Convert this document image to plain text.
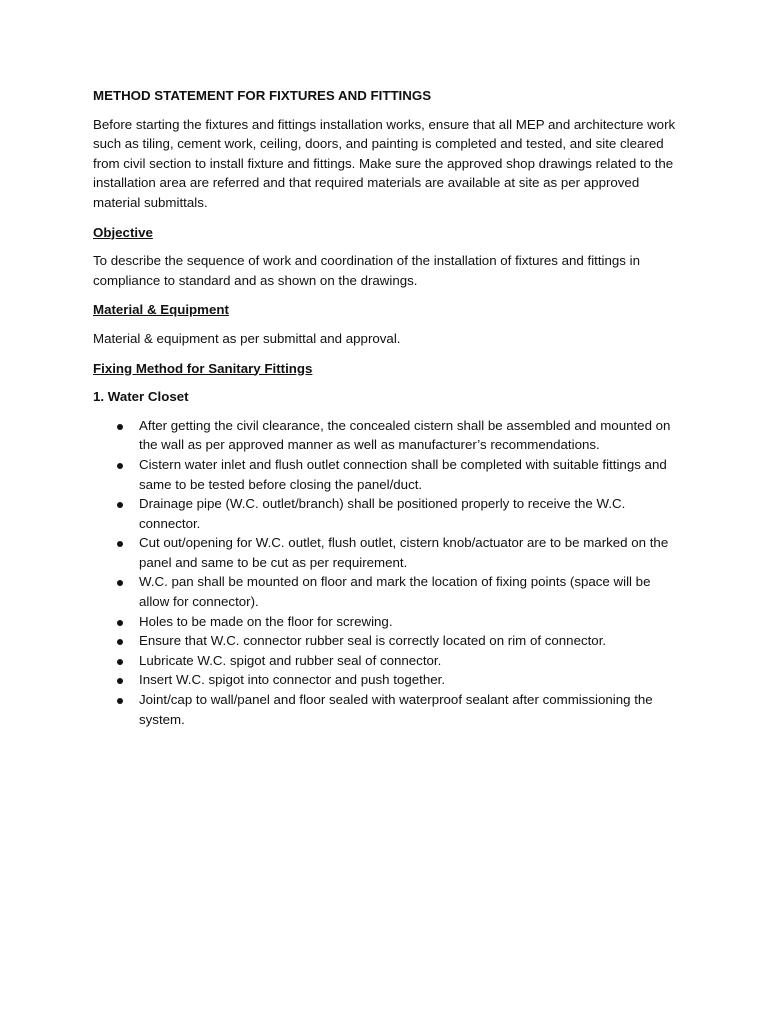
METHOD STATEMENT FOR FIXTURES AND FITTINGS

Before starting the fixtures and fittings installation works, ensure that all MEP and architecture work such as tiling, cement work, ceiling, doors, and painting is completed and tested, and site cleared from civil section to install fixture and fittings. Make sure the approved shop drawings related to the installation area are referred and that required materials are available at site as per approved material submittals.

Objective

To describe the sequence of work and coordination of the installation of fixtures and fittings in compliance to standard and as shown on the drawings.

Material & Equipment

Material & equipment as per submittal and approval.

Fixing Method for Sanitary Fittings
1. Water Closet
After getting the civil clearance, the concealed cistern shall be assembled and mounted on the wall as per approved manner as well as manufacturer’s recommendations.
Cistern water inlet and flush outlet connection shall be completed with suitable fittings and same to be tested before closing the panel/duct.
Drainage pipe (W.C. outlet/branch) shall be positioned properly to receive the W.C. connector.
Cut out/opening for W.C. outlet, flush outlet, cistern knob/actuator are to be marked on the panel and same to be cut as per requirement.
W.C. pan shall be mounted on floor and mark the location of fixing points (space will be allow for connector).
Holes to be made on the floor for screwing.
Ensure that W.C. connector rubber seal is correctly located on rim of connector.
Lubricate W.C. spigot and rubber seal of connector.
Insert W.C. spigot into connector and push together.
Joint/cap to wall/panel and floor sealed with waterproof sealant after commissioning the system.
